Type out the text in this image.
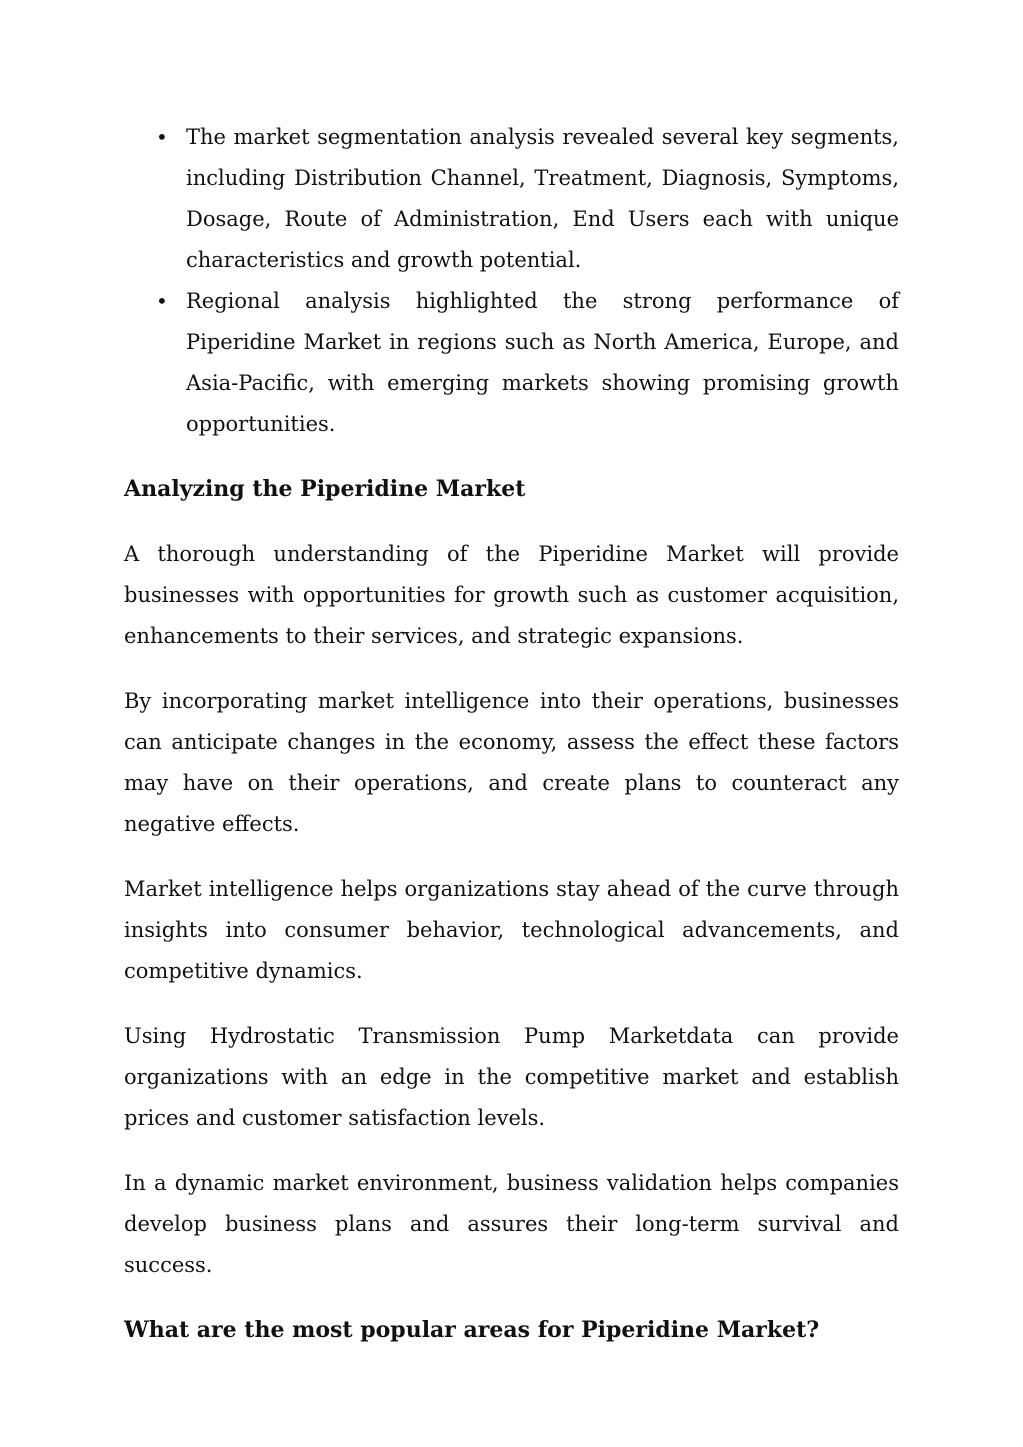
• The market segmentation analysis revealed several key segments, including Distribution Channel, Treatment, Diagnosis, Symptoms, Dosage, Route of Administration, End Users each with unique characteristics and growth potential.
• Regional analysis highlighted the strong performance of Piperidine Market in regions such as North America, Europe, and Asia-Pacific, with emerging markets showing promising growth opportunities.
Analyzing the Piperidine Market

A thorough understanding of the Piperidine Market will provide businesses with opportunities for growth such as customer acquisition, enhancements to their services, and strategic expansions.

By incorporating market intelligence into their operations, businesses can anticipate changes in the economy, assess the effect these factors may have on their operations, and create plans to counteract any negative effects.

Market intelligence helps organizations stay ahead of the curve through insights into consumer behavior, technological advancements, and competitive dynamics.

Using Hydrostatic Transmission Pump Marketdata can provide organizations with an edge in the competitive market and establish prices and customer satisfaction levels.

In a dynamic market environment, business validation helps companies develop business plans and assures their long-term survival and success.

What are the most popular areas for Piperidine Market?
